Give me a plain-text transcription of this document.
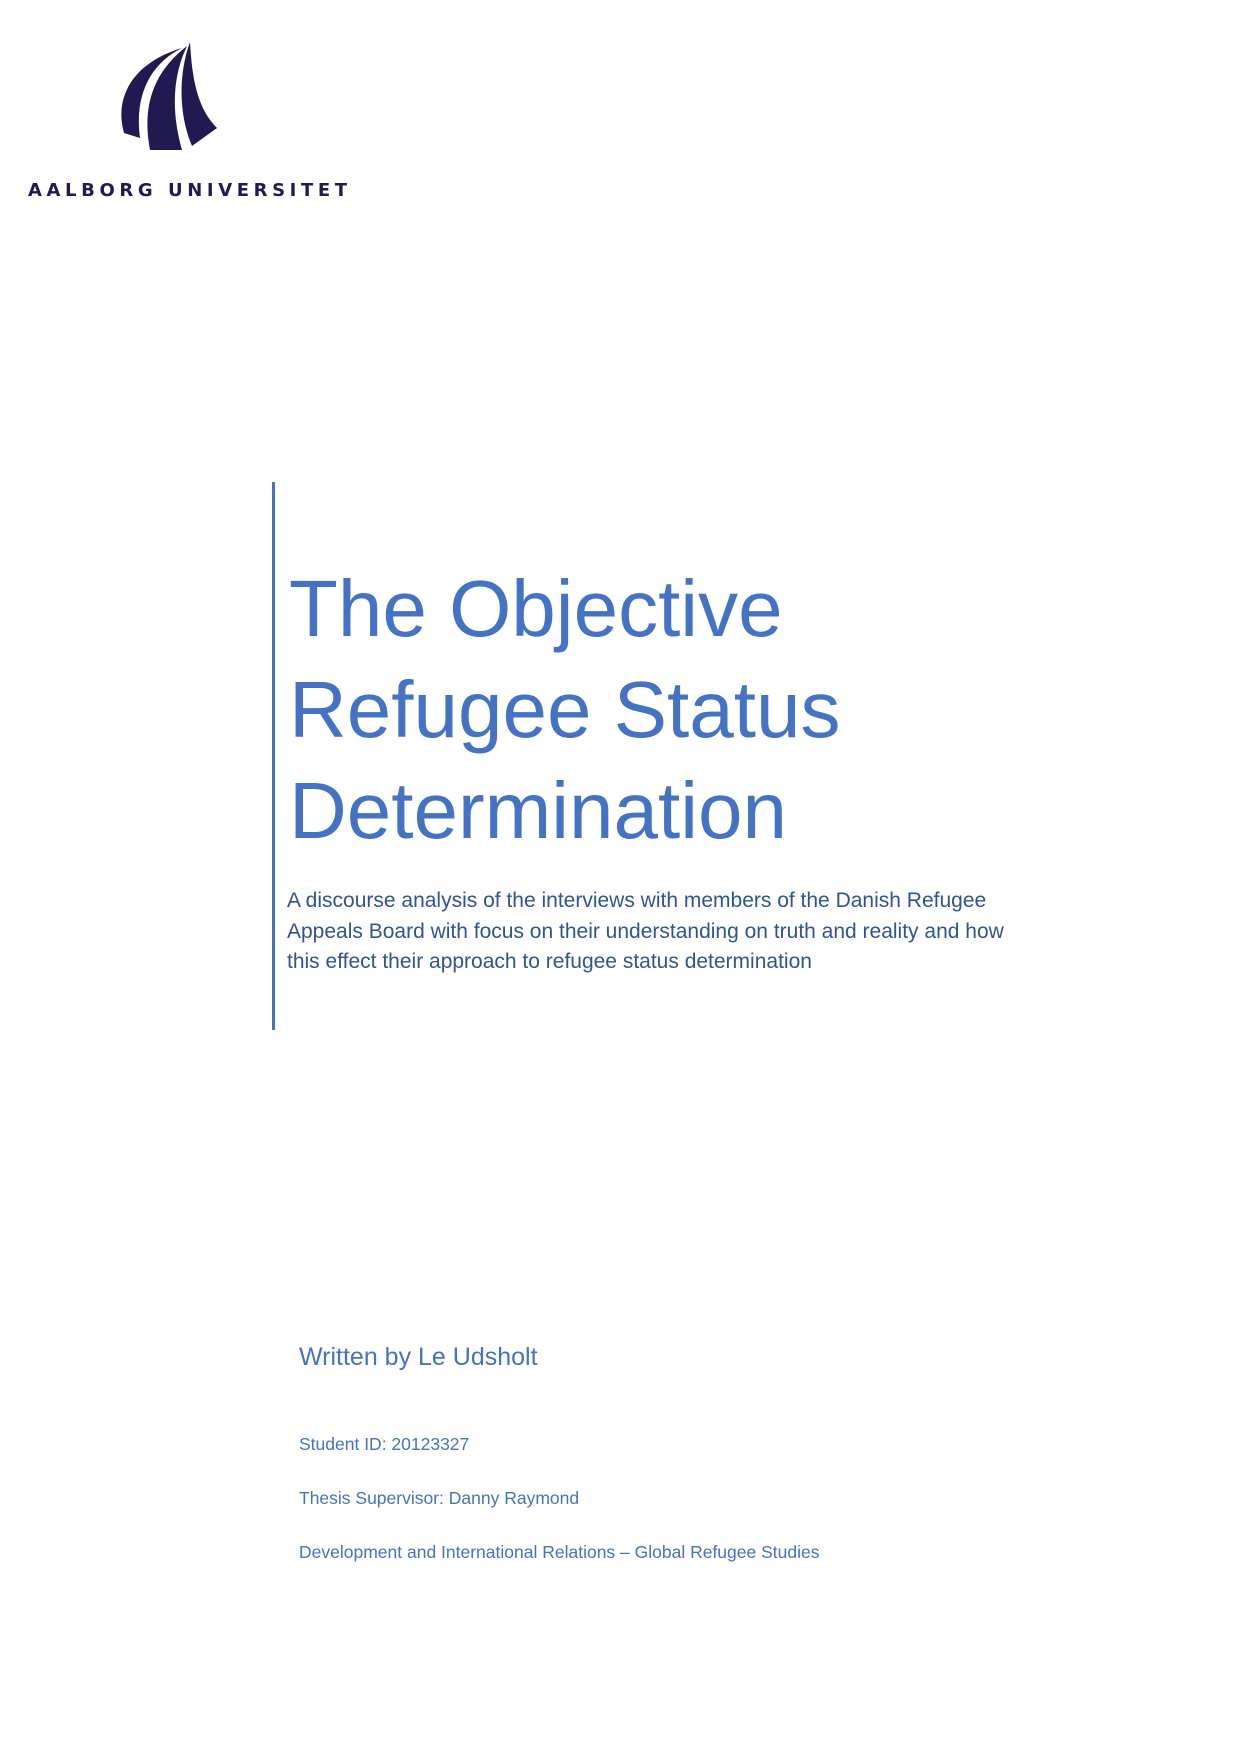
AALBORG UNIVERSITET
The Objective
Refugee Status
Determination
A discourse analysis of the interviews with members of the Danish Refugee Appeals Board with focus on their understanding on truth and reality and how this effect their approach to refugee status determination
Written by Le Udsholt
Student ID: 20123327
Thesis Supervisor: Danny Raymond
Development and International Relations – Global Refugee Studies
